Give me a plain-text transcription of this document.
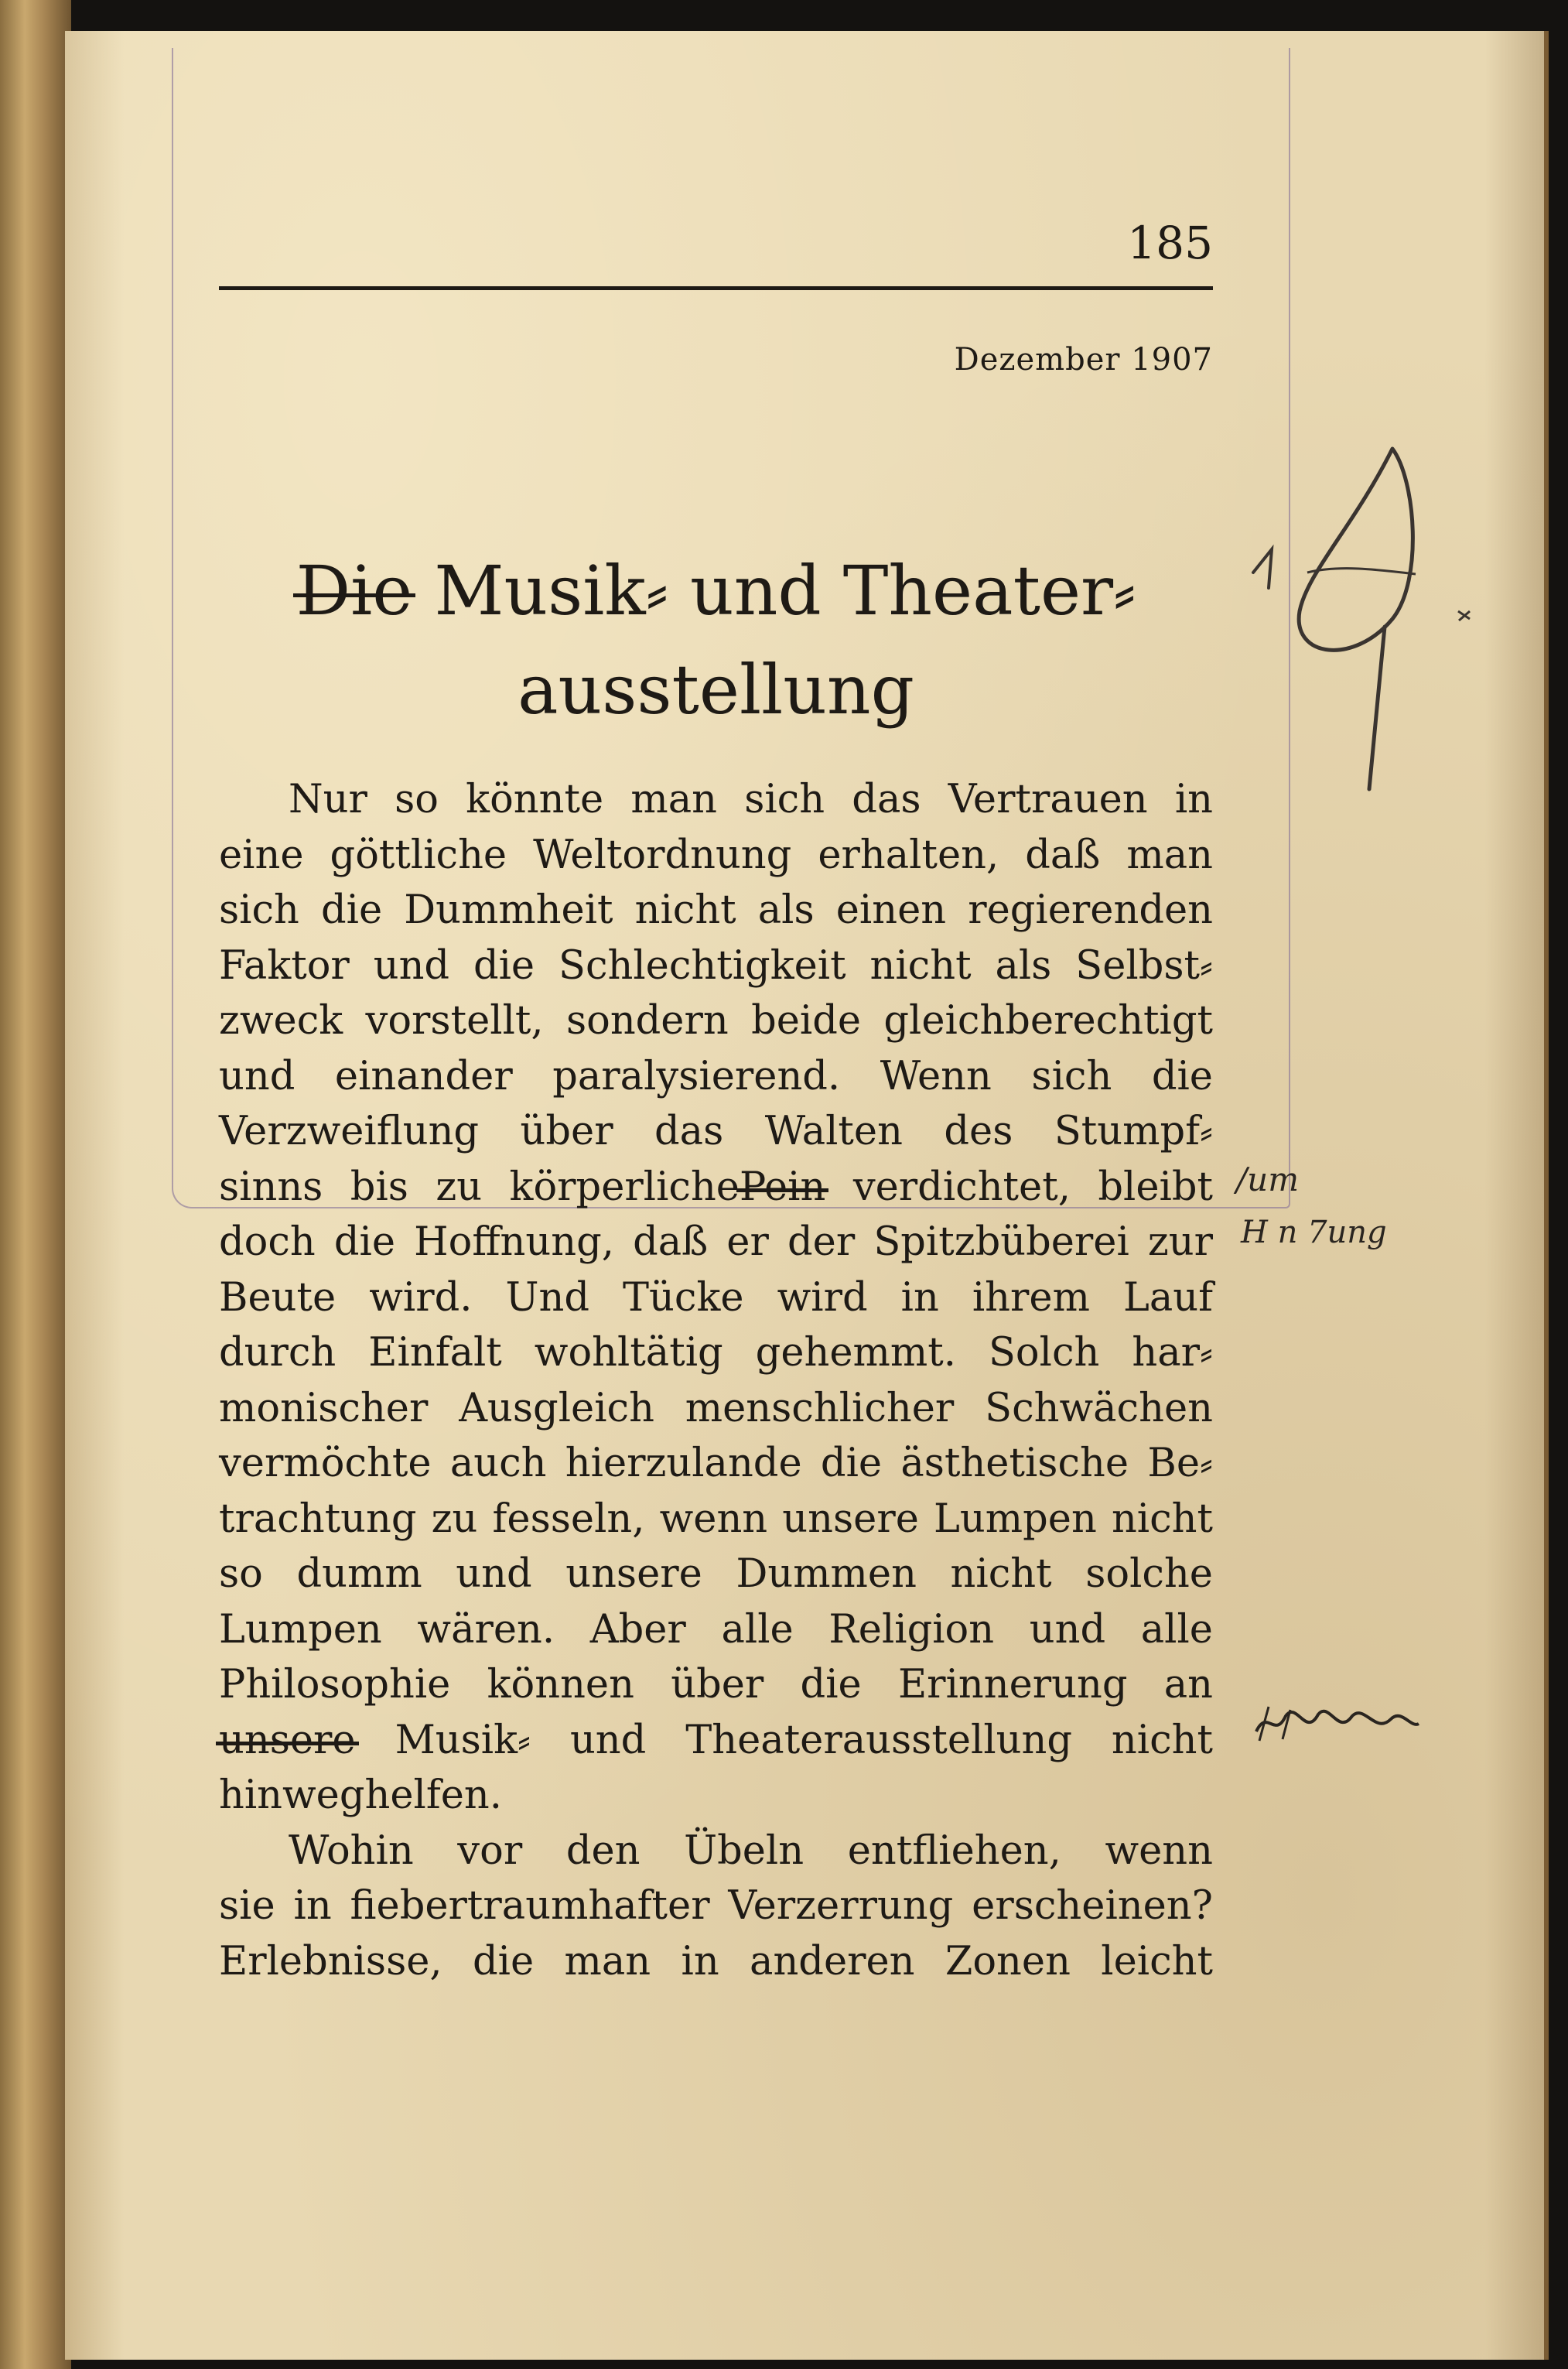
185
Dezember 1907
Die Musik⸗ und Theater⸗
ausstellung
Nur so könnte man sich das Vertrauen in
eine göttliche Weltordnung erhalten, daß man
sich die Dummheit nicht als einen regierenden
Faktor und die Schlechtigkeit nicht als Selbst⸗
zweck vorstellt, sondern beide gleichberechtigt
und einander paralysierend. Wenn sich die
Verzweiflung über das Walten des Stumpf⸗
sinns bis zu körperlichePein verdichtet, bleibt
doch die Hoffnung, daß er der Spitzbüberei zur
Beute wird. Und Tücke wird in ihrem Lauf
durch Einfalt wohltätig gehemmt. Solch har⸗
monischer Ausgleich menschlicher Schwächen
vermöchte auch hierzulande die ästhetische Be⸗
trachtung zu fesseln, wenn unsere Lumpen nicht
so dumm und unsere Dummen nicht solche
Lumpen wären. Aber alle Religion und alle
Philosophie können über die Erinnerung an
unsere Musik⸗ und Theaterausstellung nicht
hinweghelfen.
Wohin vor den Übeln entfliehen, wenn
sie in fiebertraumhafter Verzerrung erscheinen?
Erlebnisse, die man in anderen Zonen leicht
/um
H n 7ung
